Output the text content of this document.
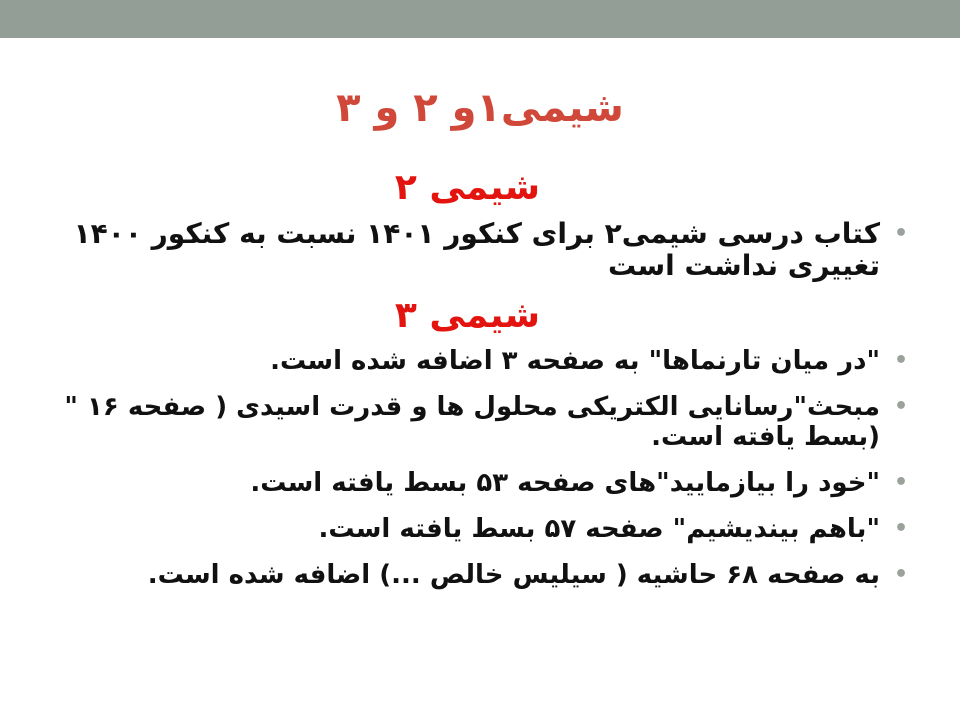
شیمی۱و ۲ و ۳
شیمی ۲
•
کتاب درسی شیمی۲ برای کنکور ۱۴۰۱ نسبت به کنکور ۱۴۰۰ تغییری نداشت است
شیمی ۳
•
"در میان تارنماها" به صفحه ۳ اضافه شده است.
•
مبحث"رسانایی الکتریکی محلول ها و قدرت اسیدی ( صفحه ۱۶ "(بسط یافته است.
•
"خود را بیازمایید"های صفحه ۵۳ بسط یافته است.
•
"باهم بیندیشیم" صفحه ۵۷ بسط یافته است.
•
به صفحه ۶۸ حاشیه ( سیلیس خالص ...) اضافه شده است.
